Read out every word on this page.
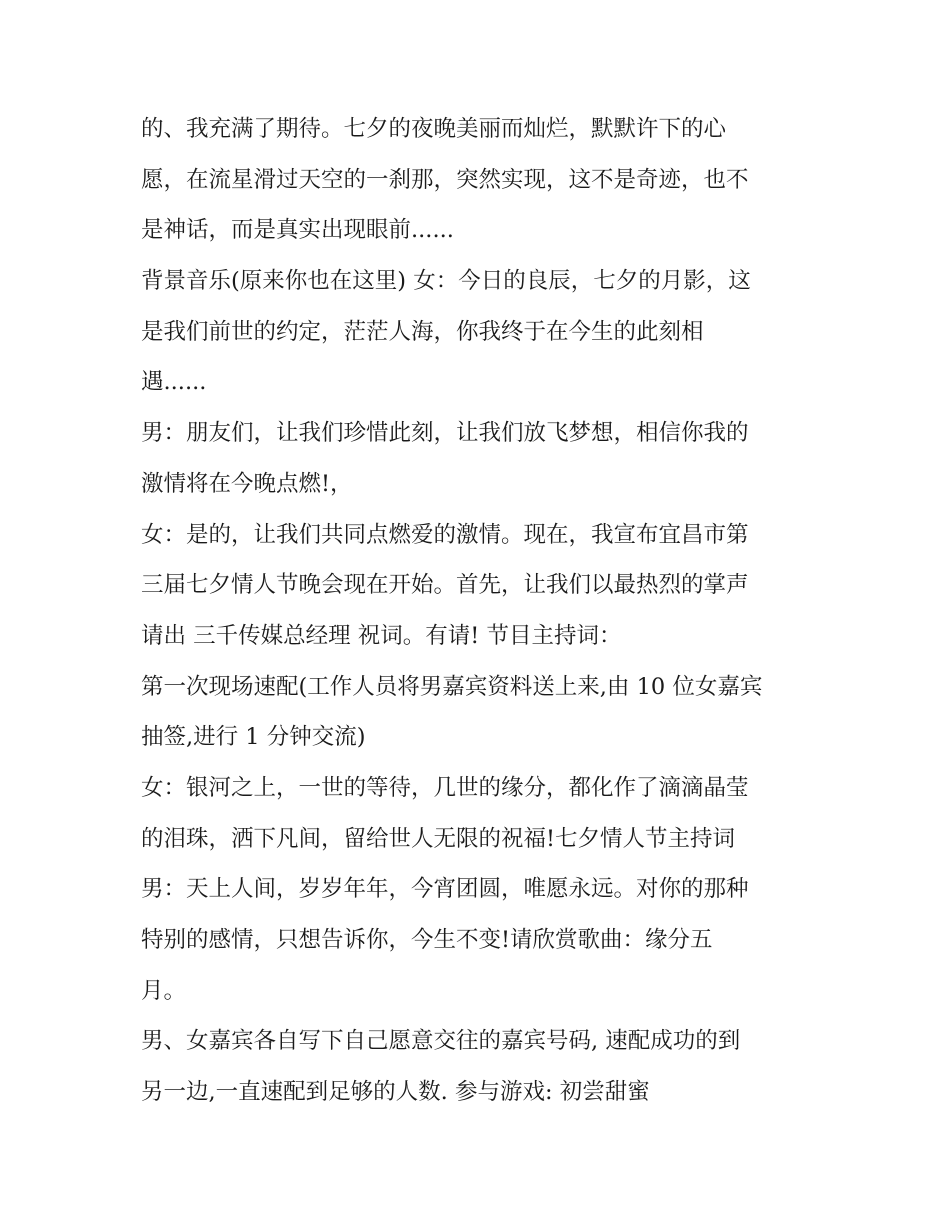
的、我充满了期待。七夕的夜晚美丽而灿烂，默默许下的心
愿，在流星滑过天空的一刹那，突然实现，这不是奇迹，也不
是神话，而是真实出现眼前......
背景音乐(原来你也在这里) 女：今日的良辰，七夕的月影，这
是我们前世的约定，茫茫人海，你我终于在今生的此刻相
遇......
男：朋友们，让我们珍惜此刻，让我们放飞梦想，相信你我的
激情将在今晚点燃!，
女：是的，让我们共同点燃爱的激情。现在，我宣布宜昌市第
三届七夕情人节晚会现在开始。首先，让我们以最热烈的掌声
请出 三千传媒总经理 祝词。有请! 节目主持词：
第一次现场速配(工作人员将男嘉宾资料送上来,由 10 位女嘉宾
抽签,进行 1 分钟交流)
女：银河之上，一世的等待，几世的缘分，都化作了滴滴晶莹
的泪珠，洒下凡间，留给世人无限的祝福!七夕情人节主持词
男：天上人间，岁岁年年，今宵团圆，唯愿永远。对你的那种
特别的感情，只想告诉你，今生不变!请欣赏歌曲：缘分五
月。
男、女嘉宾各自写下自己愿意交往的嘉宾号码, 速配成功的到
另一边,一直速配到足够的人数. 参与游戏: 初尝甜蜜
